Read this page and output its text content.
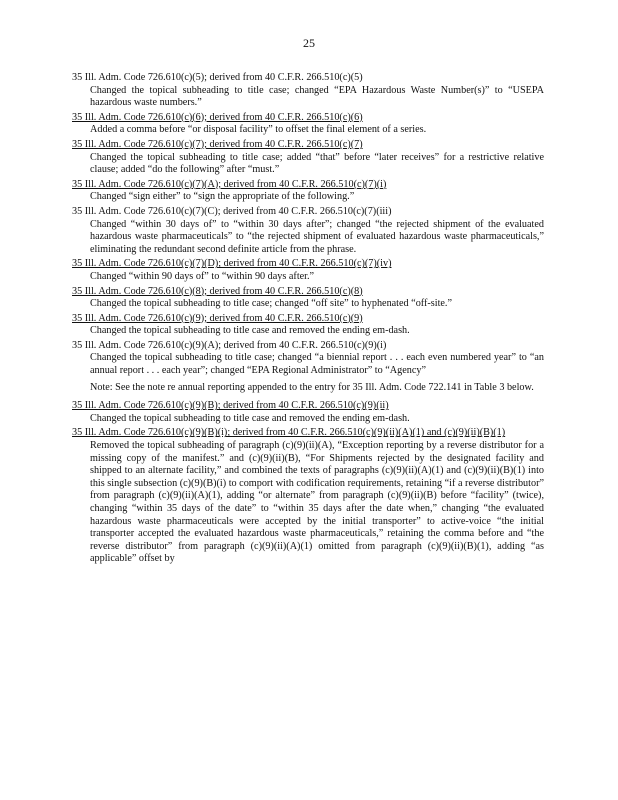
25
35 Ill. Adm. Code 726.610(c)(5); derived from 40 C.F.R. 266.510(c)(5)
Changed the topical subheading to title case; changed “EPA Hazardous Waste Number(s)” to “USEPA hazardous waste numbers.”
35 Ill. Adm. Code 726.610(c)(6); derived from 40 C.F.R. 266.510(c)(6)
Added a comma before “or disposal facility” to offset the final element of a series.
35 Ill. Adm. Code 726.610(c)(7); derived from 40 C.F.R. 266.510(c)(7)
Changed the topical subheading to title case; added “that” before “later receives” for a restrictive relative clause; added “do the following” after “must.”
35 Ill. Adm. Code 726.610(c)(7)(A); derived from 40 C.F.R. 266.510(c)(7)(i)
Changed “sign either” to “sign the appropriate of the following.”
35 Ill. Adm. Code 726.610(c)(7)(C); derived from 40 C.F.R. 266.510(c)(7)(iii)
Changed “within 30 days of” to “within 30 days after”; changed “the rejected shipment of the evaluated hazardous waste pharmaceuticals” to “the rejected shipment of evaluated hazardous waste pharmaceuticals,” eliminating the redundant second definite article from the phrase.
35 Ill. Adm. Code 726.610(c)(7)(D); derived from 40 C.F.R. 266.510(c)(7)(iv)
Changed “within 90 days of” to “within 90 days after.”
35 Ill. Adm. Code 726.610(c)(8); derived from 40 C.F.R. 266.510(c)(8)
Changed the topical subheading to title case; changed “off site” to hyphenated “off-site.”
35 Ill. Adm. Code 726.610(c)(9); derived from 40 C.F.R. 266.510(c)(9)
Changed the topical subheading to title case and removed the ending em-dash.
35 Ill. Adm. Code 726.610(c)(9)(A); derived from 40 C.F.R. 266.510(c)(9)(i)
Changed the topical subheading to title case; changed “a biennial report . . . each even numbered year” to “an annual report . . . each year”; changed “EPA Regional Administrator” to “Agency”
Note: See the note re annual reporting appended to the entry for 35 Ill. Adm. Code 722.141 in Table 3 below.
35 Ill. Adm. Code 726.610(c)(9)(B); derived from 40 C.F.R. 266.510(c)(9)(ii)
Changed the topical subheading to title case and removed the ending em-dash.
35 Ill. Adm. Code 726.610(c)(9)(B)(i); derived from 40 C.F.R. 266.510(c)(9)(ii)(A)(1) and (c)(9)(ii)(B)(1)
Removed the topical subheading of paragraph (c)(9)(ii)(A), “Exception reporting by a reverse distributor for a missing copy of the manifest.” and (c)(9)(ii)(B), “For Shipments rejected by the designated facility and shipped to an alternate facility,” and combined the texts of paragraphs (c)(9)(ii)(A)(1) and (c)(9)(ii)(B)(1) into this single subsection (c)(9)(B)(i) to comport with codification requirements, retaining “if a reverse distributor” from paragraph (c)(9)(ii)(A)(1), adding “or alternate” from paragraph (c)(9)(ii)(B) before “facility” (twice), changing “within 35 days of the date” to “within 35 days after the date when,” changing “the evaluated hazardous waste pharmaceuticals were accepted by the initial transporter” to active-voice “the initial transporter accepted the evaluated hazardous waste pharmaceuticals,” retaining the comma before and “the reverse distributor” from paragraph (c)(9)(ii)(A)(1) omitted from paragraph (c)(9)(ii)(B)(1), adding “as applicable” offset by
